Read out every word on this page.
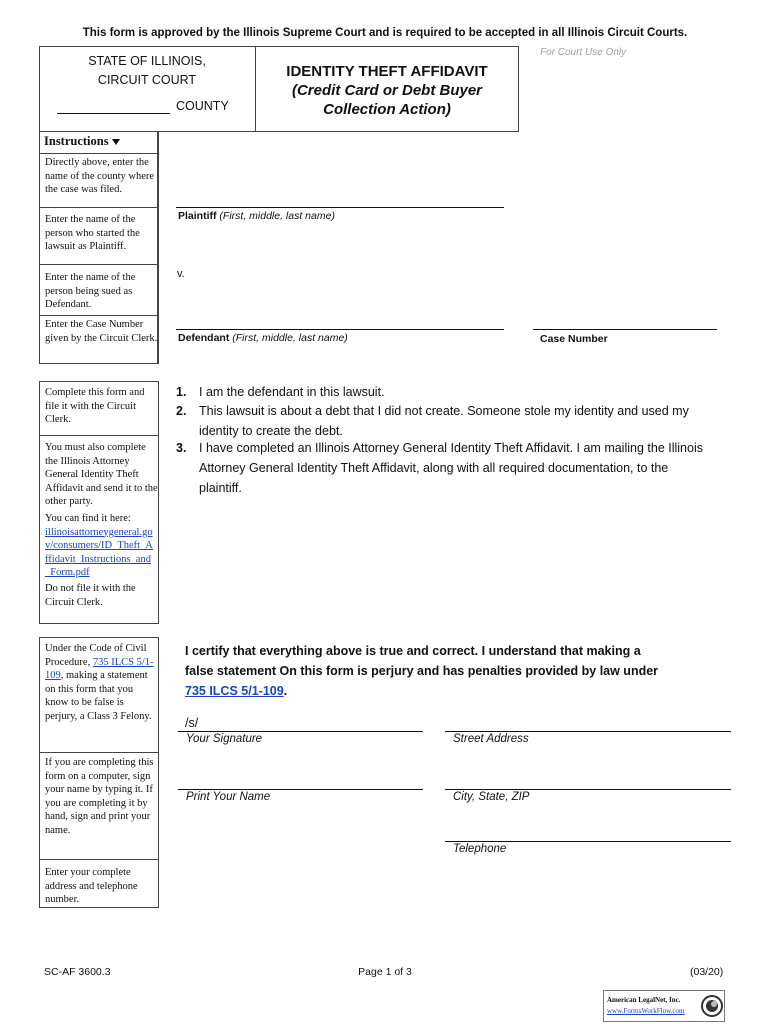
This form is approved by the Illinois Supreme Court and is required to be accepted in all Illinois Circuit Courts.
STATE OF ILLINOIS,
CIRCUIT COURT
COUNTY
IDENTITY THEFT AFFIDAVIT
(Credit Card or Debt Buyer
Collection Action)
For Court Use Only
Instructions
Directly above, enter the name of the county where the case was filed.
Enter the name of the person who started the lawsuit as Plaintiff.
Enter the name of the person being sued as Defendant.
Enter the Case Number given by the Circuit Clerk.
Plaintiff (First, middle, last name)
v.
Defendant (First, middle, last name)	Case Number
Complete this form and file it with the Circuit Clerk.
You must also complete the Illinois Attorney General Identity Theft Affidavit and send it to the other party.
You can find it here:
illinoisattorneygeneral.gov/consumers/ID_Theft_Affidavit_Instructions_and_Form.pdf
Do not file it with the Circuit Clerk.
1. I am the defendant in this lawsuit.
2. This lawsuit is about a debt that I did not create. Someone stole my identity and used my identity to create the debt.
3. I have completed an Illinois Attorney General Identity Theft Affidavit. I am mailing the Illinois Attorney General Identity Theft Affidavit, along with all required documentation, to the plaintiff.
Under the Code of Civil Procedure, 735 ILCS 5/1-109, making a statement on this form that you know to be false is perjury, a Class 3 Felony.
If you are completing this form on a computer, sign your name by typing it. If you are completing it by hand, sign and print your name.
Enter your complete address and telephone number.
I certify that everything above is true and correct. I understand that making a false statement On this form is perjury and has penalties provided by law under
735 ILCS 5/1-109.
/s/
Your Signature	Street Address
Print Your Name	City, State, ZIP
Telephone
SC-AF 3600.3	Page 1 of 3	(03/20)
American LegalNet, Inc.
www.FormsWorkFlow.com
